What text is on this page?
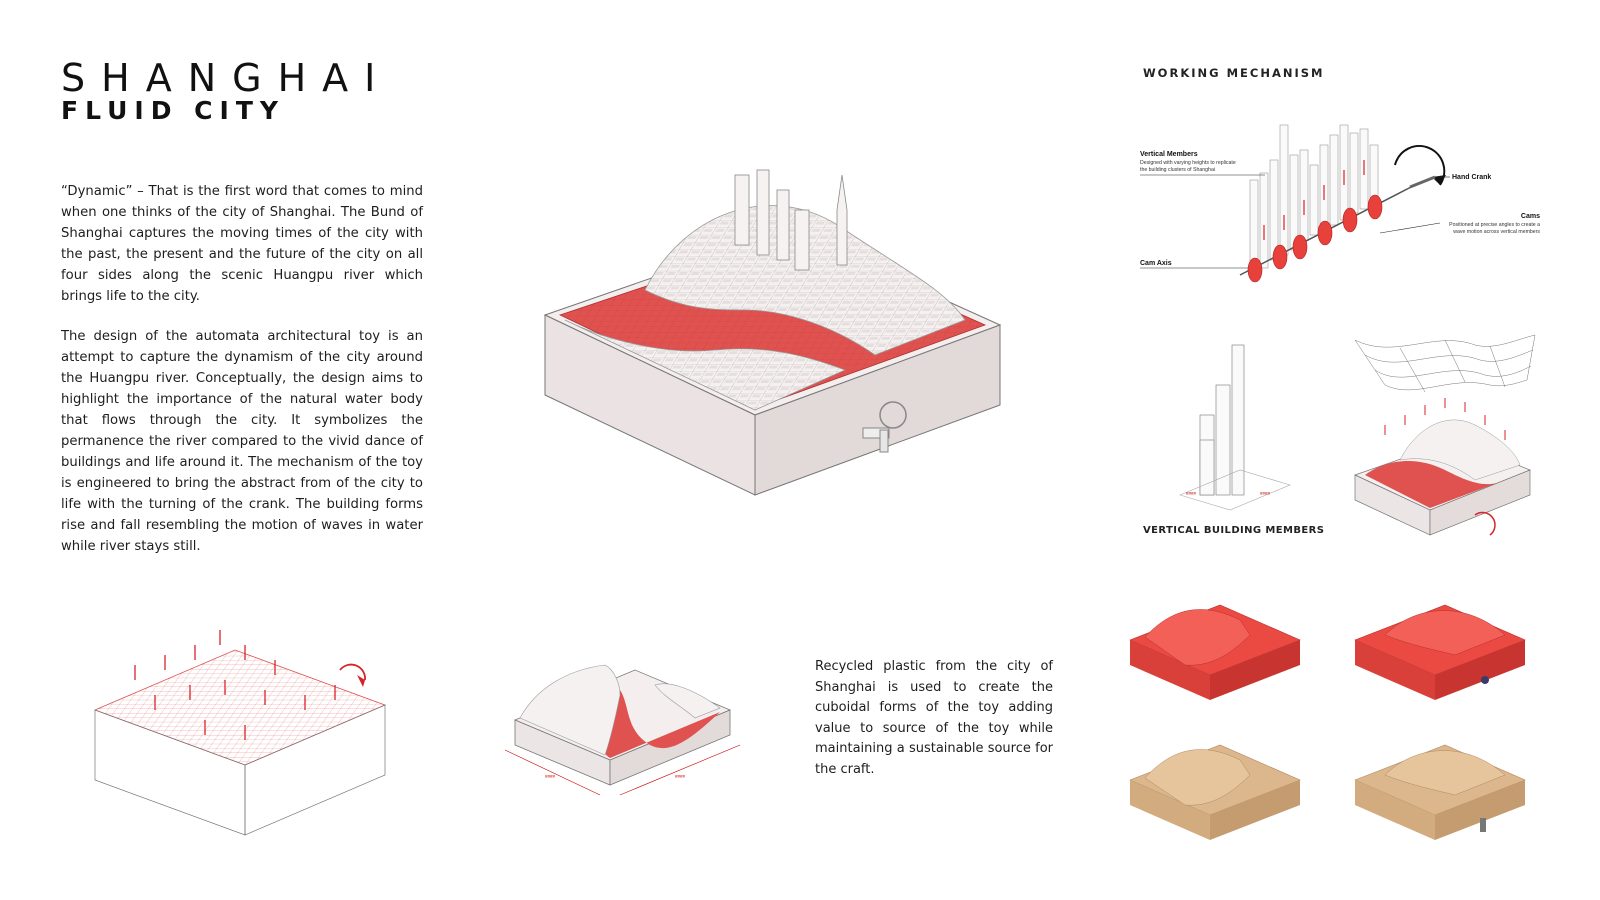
SHANGHAI
FLUID CITY
“Dynamic” – That is the first word that comes to mind when one thinks of the city of Shanghai. The Bund of Shanghai captures the moving times of the city with the past, the present and the future of the city on all four sides along the scenic Huangpu river which brings life to the city.
The design of the automata architectural toy is an attempt to capture the dynamism of the city around the Huangpu river. Conceptually, the design aims to highlight the importance of the natural water body that flows through the city. It symbolizes the permanence the river compared to the vivid dance of buildings and life around it. The mechanism of the toy is engineered to bring the abstract from of the city to life with the turning of the crank. The building forms rise and fall resembling the motion of waves in water while river stays still.
WORKING MECHANISM
Vertical Members
Designed with varying heights to replicate
the building clusters of Shanghai
Hand Crank
Cams
Positioned at precise angles to create a
wave motion across vertical members
Cam Axis
####	####
VERTICAL BUILDING MEMBERS
####	####
Recycled plastic from the city of Shanghai is used to create the cuboidal forms of the toy adding value to source of the toy while maintaining a sustainable source for the craft.
